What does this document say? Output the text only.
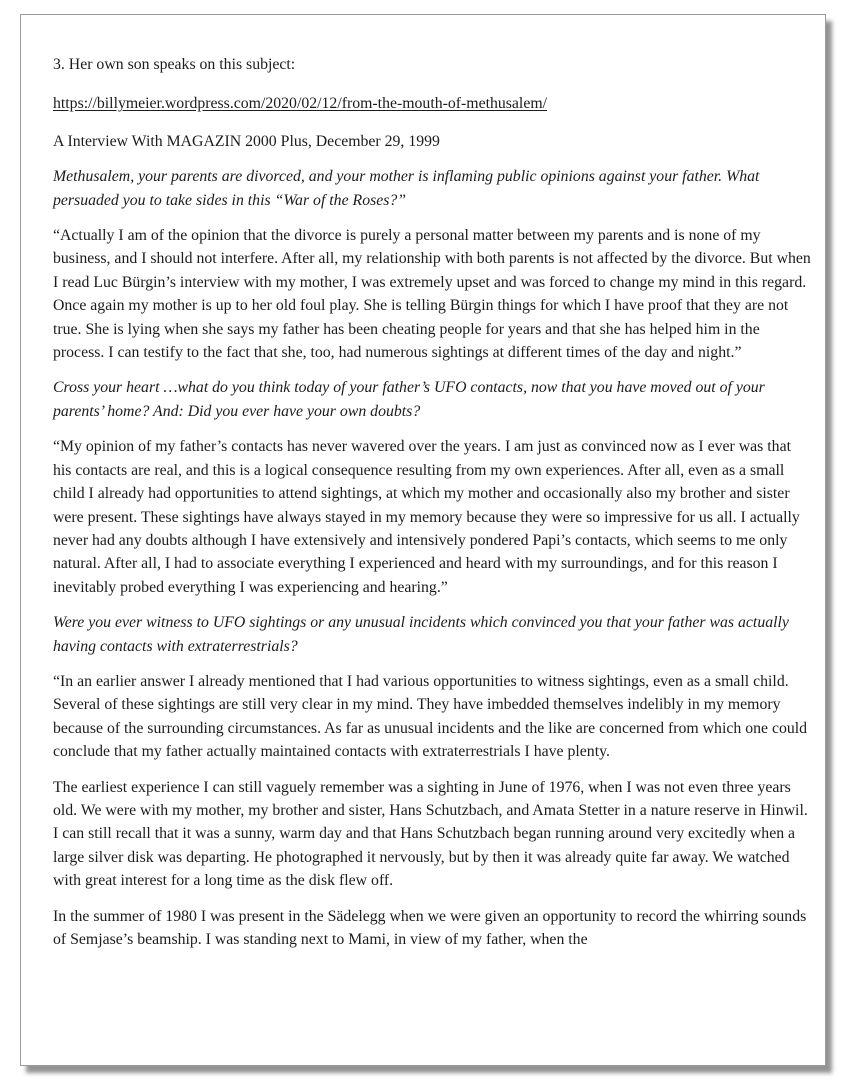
3. Her own son speaks on this subject:

https://billymeier.wordpress.com/2020/02/12/from-the-mouth-of-methusalem/

A Interview With MAGAZIN 2000 Plus, December 29, 1999

Methusalem, your parents are divorced, and your mother is inflaming public opinions against your father. What persuaded you to take sides in this “War of the Roses?”

“Actually I am of the opinion that the divorce is purely a personal matter between my parents and is none of my business, and I should not interfere. After all, my relationship with both parents is not affected by the divorce. But when I read Luc Bürgin’s interview with my mother, I was extremely upset and was forced to change my mind in this regard. Once again my mother is up to her old foul play. She is telling Bürgin things for which I have proof that they are not true. She is lying when she says my father has been cheating people for years and that she has helped him in the process. I can testify to the fact that she, too, had numerous sightings at different times of the day and night.”

Cross your heart …what do you think today of your father’s UFO contacts, now that you have moved out of your parents’ home? And: Did you ever have your own doubts?

“My opinion of my father’s contacts has never wavered over the years. I am just as convinced now as I ever was that his contacts are real, and this is a logical consequence resulting from my own experiences. After all, even as a small child I already had opportunities to attend sightings, at which my mother and occasionally also my brother and sister were present. These sightings have always stayed in my memory because they were so impressive for us all. I actually never had any doubts although I have extensively and intensively pondered Papi’s contacts, which seems to me only natural. After all, I had to associate everything I experienced and heard with my surroundings, and for this reason I inevitably probed everything I was experiencing and hearing.”

Were you ever witness to UFO sightings or any unusual incidents which convinced you that your father was actually having contacts with extraterrestrials?

“In an earlier answer I already mentioned that I had various opportunities to witness sightings, even as a small child. Several of these sightings are still very clear in my mind. They have imbedded themselves indelibly in my memory because of the surrounding circumstances. As far as unusual incidents and the like are concerned from which one could conclude that my father actually maintained contacts with extraterrestrials I have plenty.

The earliest experience I can still vaguely remember was a sighting in June of 1976, when I was not even three years old. We were with my mother, my brother and sister, Hans Schutzbach, and Amata Stetter in a nature reserve in Hinwil. I can still recall that it was a sunny, warm day and that Hans Schutzbach began running around very excitedly when a large silver disk was departing. He photographed it nervously, but by then it was already quite far away. We watched with great interest for a long time as the disk flew off.

In the summer of 1980 I was present in the Sädelegg when we were given an opportunity to record the whirring sounds of Semjase’s beamship. I was standing next to Mami, in view of my father, when the
